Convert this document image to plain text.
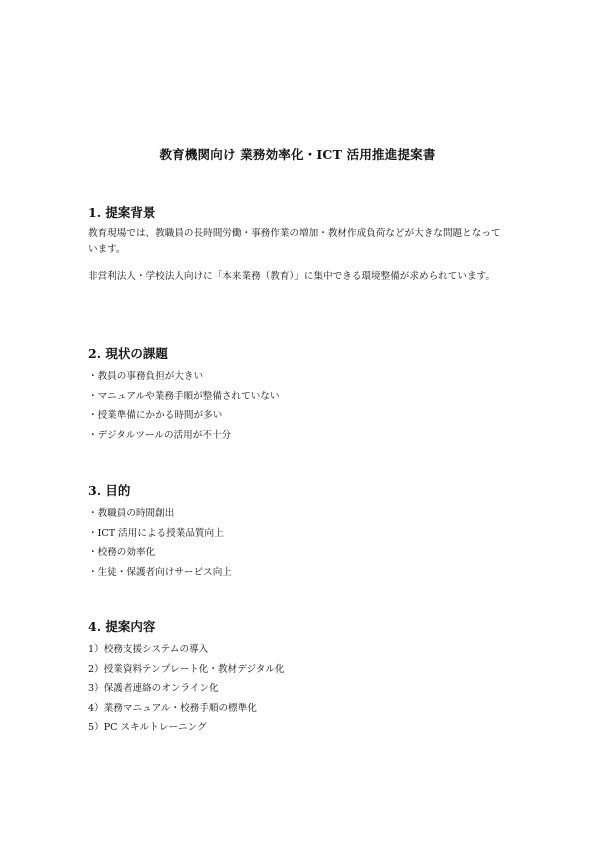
教育機関向け 業務効率化・ICT 活用推進提案書
1. 提案背景

教育現場では、教職員の長時間労働・事務作業の増加・教材作成負荷などが大きな問題となっています。

非営利法人・学校法人向けに「本来業務（教育）」に集中できる環境整備が求められています。

2. 現状の課題
・教員の事務負担が大きい
・マニュアルや業務手順が整備されていない
・授業準備にかかる時間が多い
・デジタルツールの活用が不十分
3. 目的
・教職員の時間創出
・ICT 活用による授業品質向上
・校務の効率化
・生徒・保護者向けサービス向上
4. 提案内容
1）校務支援システムの導入
2）授業資料テンプレート化・教材デジタル化
3）保護者連絡のオンライン化
4）業務マニュアル・校務手順の標準化
5）PC スキルトレーニング
